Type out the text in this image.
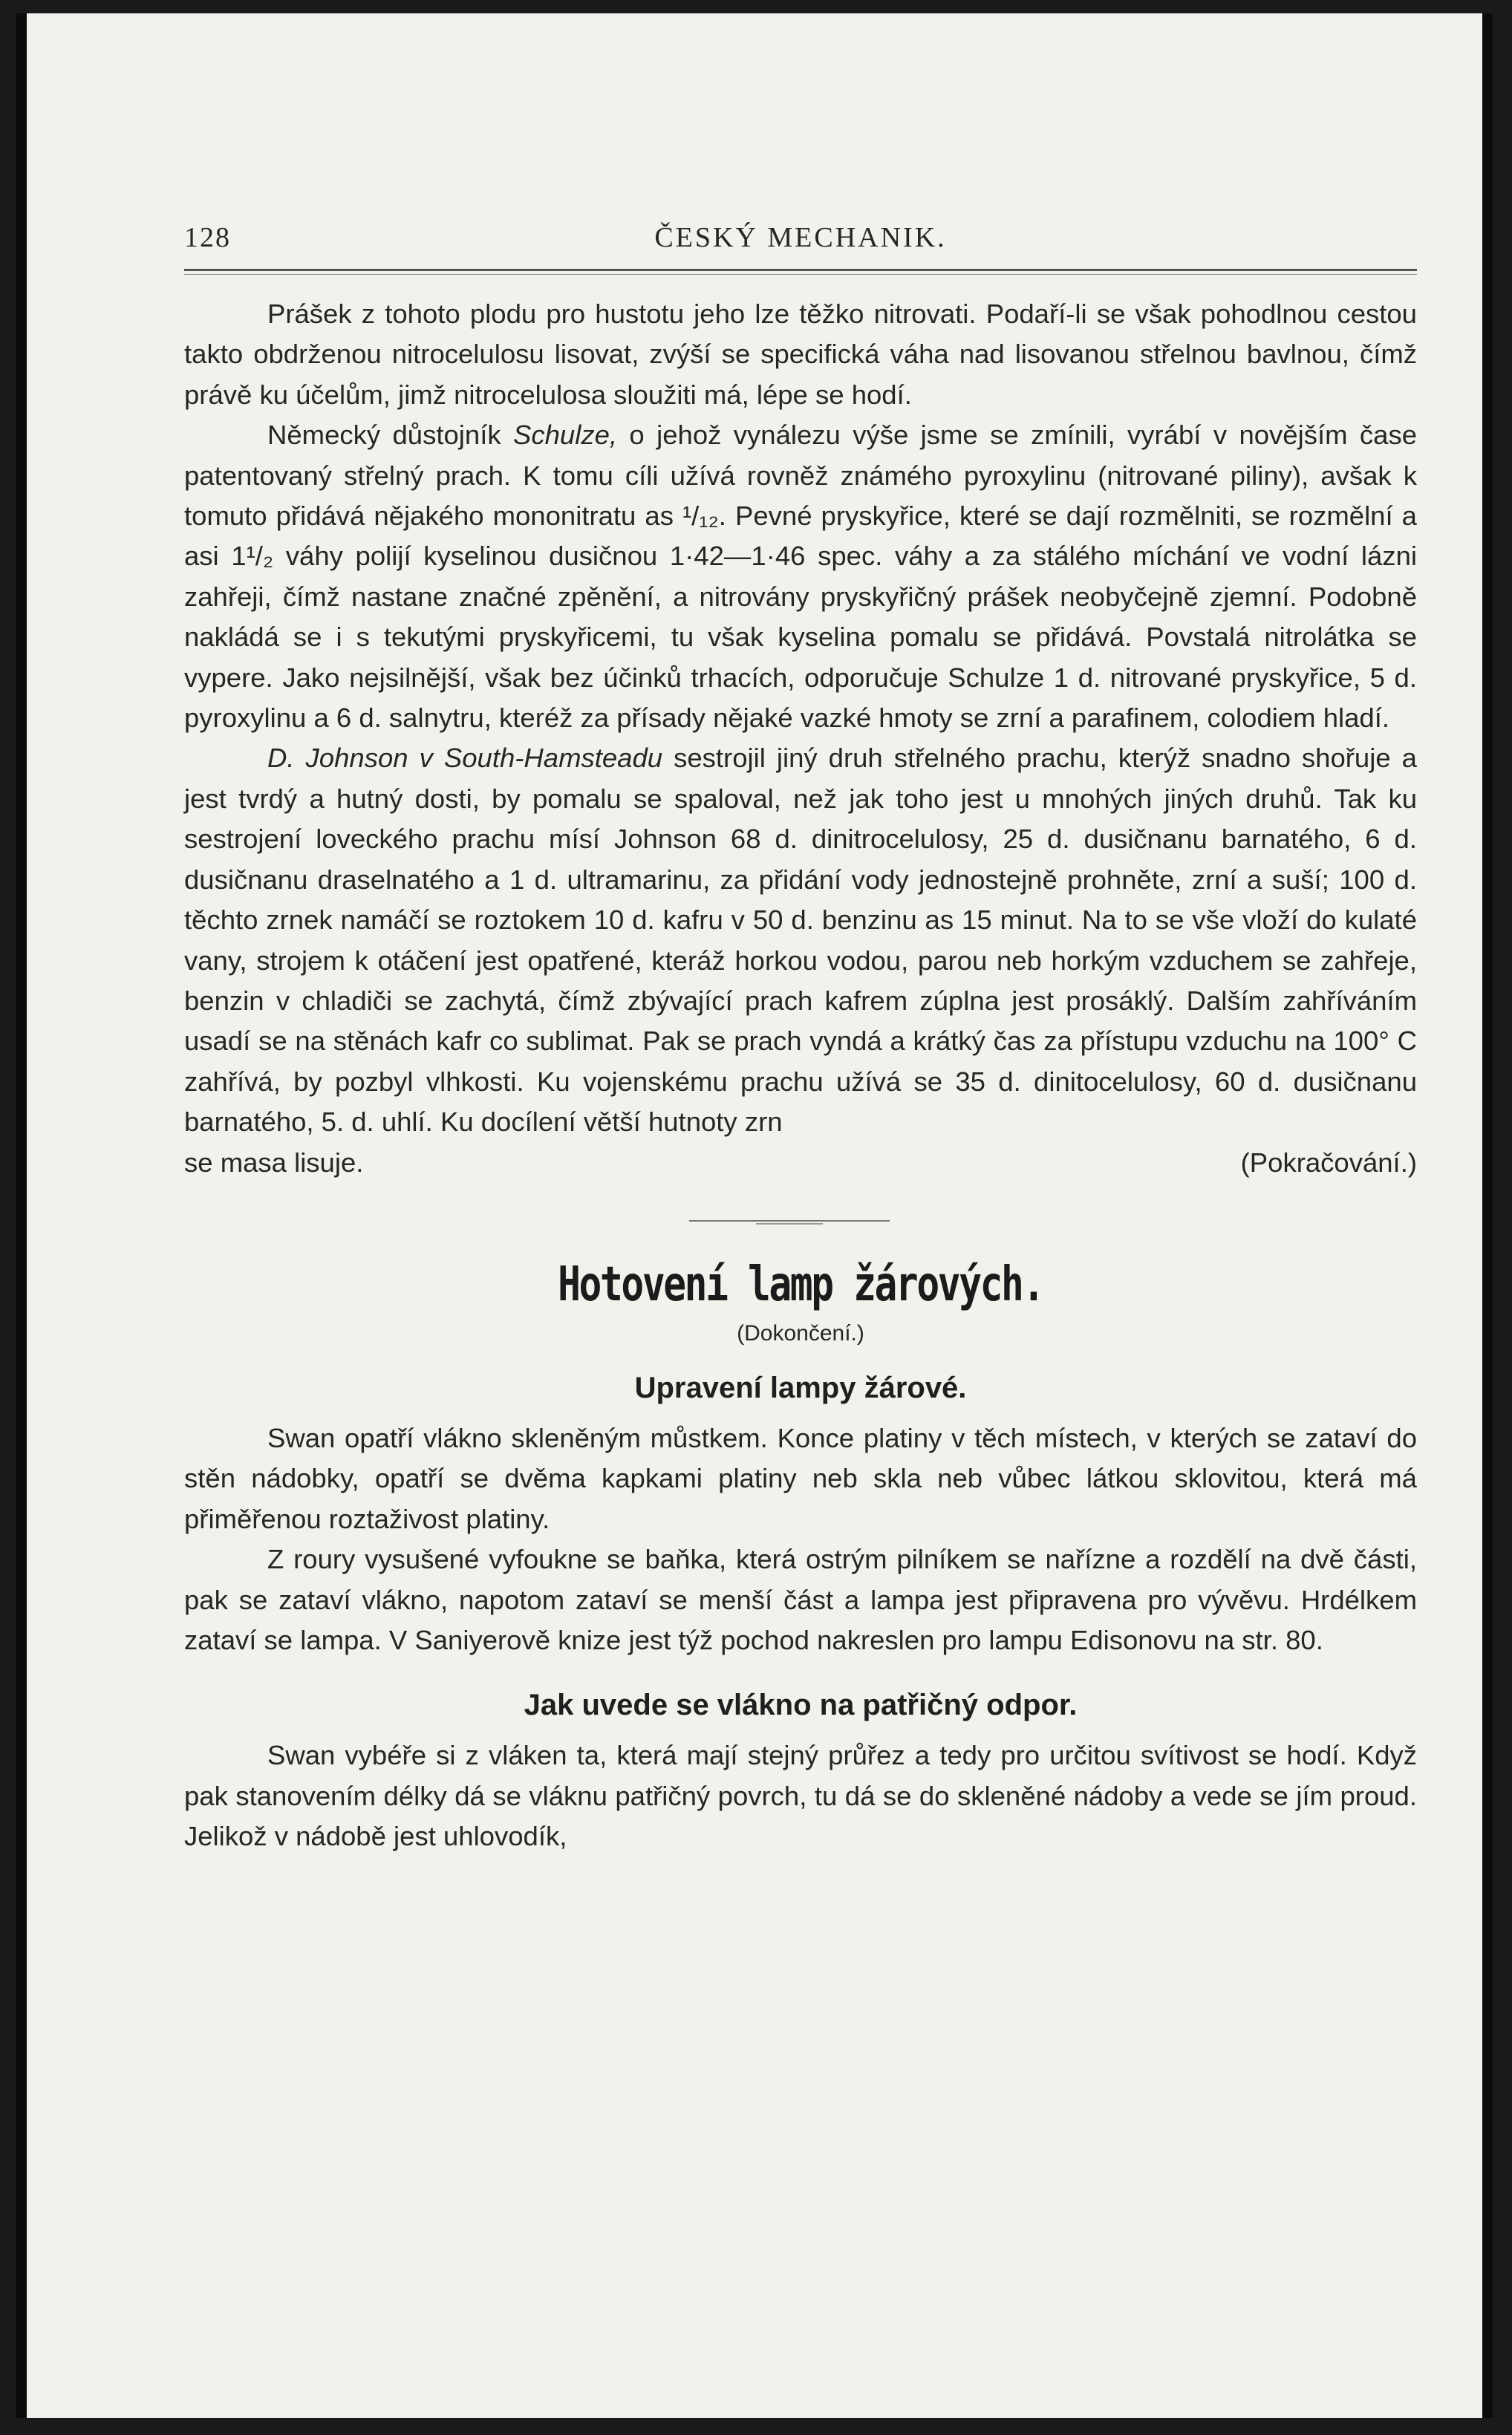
128	ČESKÝ MECHANIK.

Prášek z tohoto plodu pro hustotu jeho lze těžko nitrovati. Podaří-li se však pohodlnou cestou takto obdrženou nitrocelulosu lisovat, zvýší se specifická váha nad lisovanou střelnou bavlnou, čímž právě ku účelům, jimž nitrocelulosa sloužiti má, lépe se hodí.

Německý důstojník Schulze, o jehož vynálezu výše jsme se zmínili, vyrábí v novějším čase patentovaný střelný prach. K tomu cíli užívá rovněž známého pyroxylinu (nitrované piliny), avšak k tomuto přidává nějakého mononitratu as ¹/₁₂. Pevné pryskyřice, které se dají rozmělniti, se rozmělní a asi 1¹/₂ váhy polijí kyselinou dusičnou 1·42—1·46 spec. váhy a za stálého míchání ve vodní lázni zahřeji, čímž nastane značné zpěnění, a nitrovány pryskyřičný prášek neobyčejně zjemní. Podobně nakládá se i s tekutými pryskyřicemi, tu však kyselina pomalu se přidává. Povstalá nitrolátka se vypere. Jako nejsilnější, však bez účinků trhacích, odporučuje Schulze 1 d. nitrované pryskyřice, 5 d. pyroxylinu a 6 d. salnytru, kteréž za přísady nějaké vazké hmoty se zrní a parafinem, colodiem hladí.

D. Johnson v South-Hamsteadu sestrojil jiný druh střelného prachu, kterýž snadno shořuje a jest tvrdý a hutný dosti, by pomalu se spaloval, než jak toho jest u mnohých jiných druhů. Tak ku sestrojení loveckého prachu mísí Johnson 68 d. dinitrocelulosy, 25 d. dusičnanu barnatého, 6 d. dusičnanu draselnatého a 1 d. ultramarinu, za přidání vody jednostejně prohněte, zrní a suší; 100 d. těchto zrnek namáčí se roztokem 10 d. kafru v 50 d. benzinu as 15 minut. Na to se vše vloží do kulaté vany, strojem k otáčení jest opatřené, kteráž horkou vodou, parou neb horkým vzduchem se zahřeje, benzin v chladiči se zachytá, čímž zbývající prach kafrem zúplna jest prosáklý. Dalším zahříváním usadí se na stěnách kafr co sublimat. Pak se prach vyndá a krátký čas za přístupu vzduchu na 100° C zahřívá, by pozbyl vlhkosti. Ku vojenskému prachu užívá se 35 d. dinitocelulosy, 60 d. dusičnanu barnatého, 5. d. uhlí. Ku docílení větší hutnoty zrn

se masa lisuje.	(Pokračování.)
Hotovení lamp žárových.
(Dokončení.)
Upravení lampy žárové.

Swan opatří vlákno skleněným můstkem. Konce platiny v těch místech, v kterých se zataví do stěn nádobky, opatří se dvěma kapkami platiny neb skla neb vůbec látkou sklovitou, která má přiměřenou roztaživost platiny.

Z roury vysušené vyfoukne se baňka, která ostrým pilníkem se nařízne a rozdělí na dvě části, pak se zataví vlákno, napotom zataví se menší část a lampa jest připravena pro vývěvu. Hrdélkem zataví se lampa. V Saniyerově knize jest týž pochod nakreslen pro lampu Edisonovu na str. 80.

Jak uvede se vlákno na patřičný odpor.

Swan vybéře si z vláken ta, která mají stejný průřez a tedy pro určitou svítivost se hodí. Když pak stanovením délky dá se vláknu patřičný povrch, tu dá se do skleněné nádoby a vede se jím proud. Jelikož v nádobě jest uhlovodík,
